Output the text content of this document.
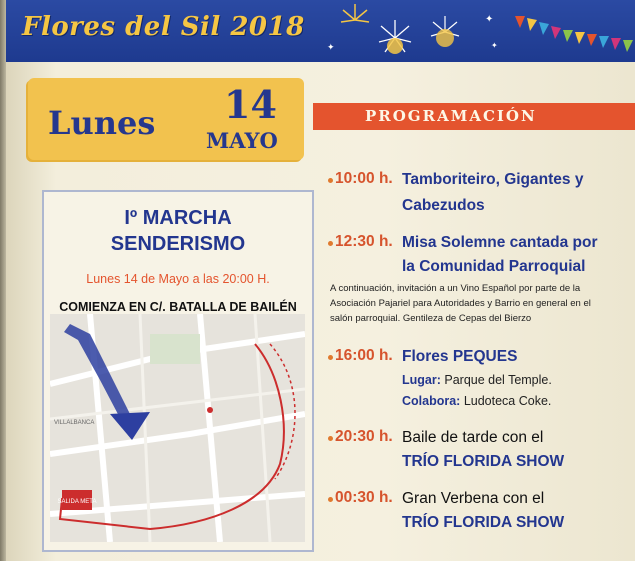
Flores del Sil 2018	✦
✦	✦
Lunes 14
MAYO
PROGRAMACIÓN
10:00 h. Tamboriteiro, Gigantes y
Cabezudos
12:30 h. Misa Solemne cantada por
la Comunidad Parroquial
A continuación, invitación a un Vino Español por parte de la
Asociación Pajariel para Autoridades y Barrio en general en el
salón parroquial. Gentileza de Cepas del Bierzo
16:00 h. Flores PEQUES
Lugar: Parque del Temple.
Colabora: Ludoteca Coke.
20:30 h. Baile de tarde con el
TRÍO FLORIDA SHOW
00:30 h. Gran Verbena con el
TRÍO FLORIDA SHOW
Iº MARCHA
SENDERISMO
Lunes 14 de Mayo a las 20:00 H.
COMIENZA EN C/. BATALLA DE BAILÉN
SALIDA META
VILLALBANCA
